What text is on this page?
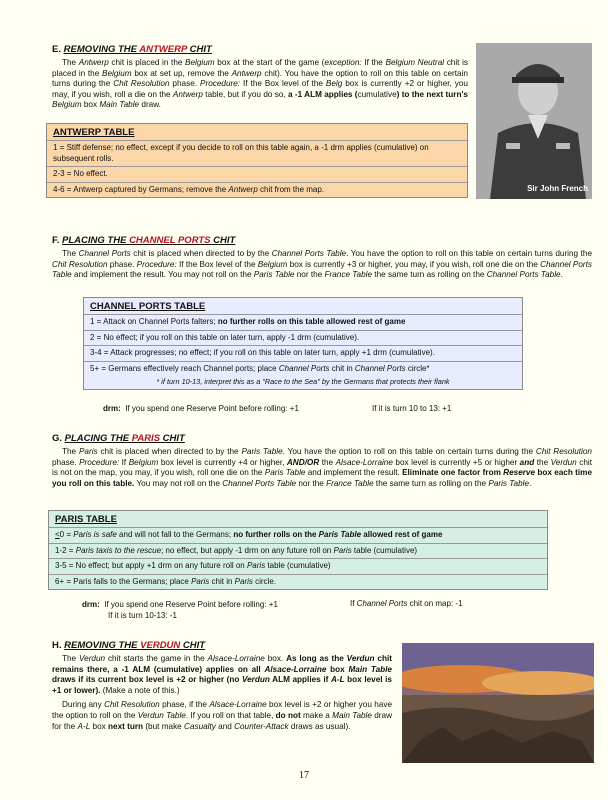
E. REMOVING THE ANTWERP CHIT

The Antwerp chit is placed in the Belgium box at the start of the game (exception: If the Belgium Neutral chit is placed in the Belgium box at set up, remove the Antwerp chit). You have the option to roll on this table on certain turns during the Chit Resolution phase. Procedure: If the Box level of the Belg box is currently +2 or higher, you may, if you wish, roll a die on the Antwerp table, but if you do so, a -1 ALM applies (cumulative) to the next turn's Belgium box Main Table draw.

ANTWERP TABLE
1 = Stiff defense; no effect, except if you decide to roll on this table again, a -1 drm applies (cumulative) on subsequent rolls.
2-3 = No effect.
4-6 = Antwerp captured by Germans; remove the Antwerp chit from the map.	Sir John French
F. PLACING THE CHANNEL PORTS CHIT

The Channel Ports chit is placed when directed to by the Channel Ports Table. You have the option to roll on this table on certain turns during the Chit Resolution phase. Procedure: If the Box level of the Belgium box is currently +3 or higher, you may, if you wish, roll one die on the Channel Ports Table and implement the result. You may not roll on the Paris Table nor the France Table the same turn as rolling on the Channel Ports Table.

CHANNEL PORTS TABLE
1 = Attack on Channel Ports falters; no further rolls on this table allowed rest of game
2 = No effect; if you roll on this table on later turn, apply -1 drm (cumulative).
3-4 = Attack progresses; no effect; if you roll on this table on later turn, apply +1 drm (cumulative).
5+ = Germans effectively reach Channel ports; place Channel Ports chit in Channel Ports circle*
* if turn 10-13, interpret this as a "Race to the Sea" by the Germans that protects their flank
drm: If you spend one Reserve Point before rolling: +1	If it is turn 10 to 13: +1
G. PLACING THE PARIS CHIT

The Paris chit is placed when directed to by the Paris Table. You have the option to roll on this table on certain turns during the Chit Resolution phase. Procedure: If Belgium box level is currently +4 or higher, AND/OR the Alsace-Lorraine box level is currently +5 or higher and the Verdun chit is not on the map, you may, if you wish, roll one die on the Paris Table and implement the result. Eliminate one factor from Reserve box each time you roll on this table. You may not roll on the Channel Ports Table nor the France Table the same turn as rolling on the Paris Table.

PARIS TABLE
<0 = Paris is safe and will not fall to the Germans; no further rolls on the Paris Table allowed rest of game
1-2 = Paris taxis to the rescue; no effect, but apply -1 drm on any future roll on Paris table (cumulative)
3-5 = No effect; but apply +1 drm on any future roll on Paris table (cumulative)
6+ = Paris falls to the Germans; place Paris chit in Paris circle.
drm: If you spend one Reserve Point before rolling: +1
If it is turn 10-13: -1
If Channel Ports chit on map: -1
H. REMOVING THE VERDUN CHIT

The Verdun chit starts the game in the Alsace-Lorraine box. As long as the Verdun chit remains there, a -1 ALM (cumulative) applies on all Alsace-Lorraine box Main Table draws if its current box level is +2 or higher (no Verdun ALM applies if A-L box level is +1 or lower). (Make a note of this.)

During any Chit Resolution phase, if the Alsace-Lorraine box level is +2 or higher you have the option to roll on the Verdun Table. If you roll on that table, do not make a Main Table draw for the A-L box next turn (but make Casualty and Counter-Attack draws as usual).

17
